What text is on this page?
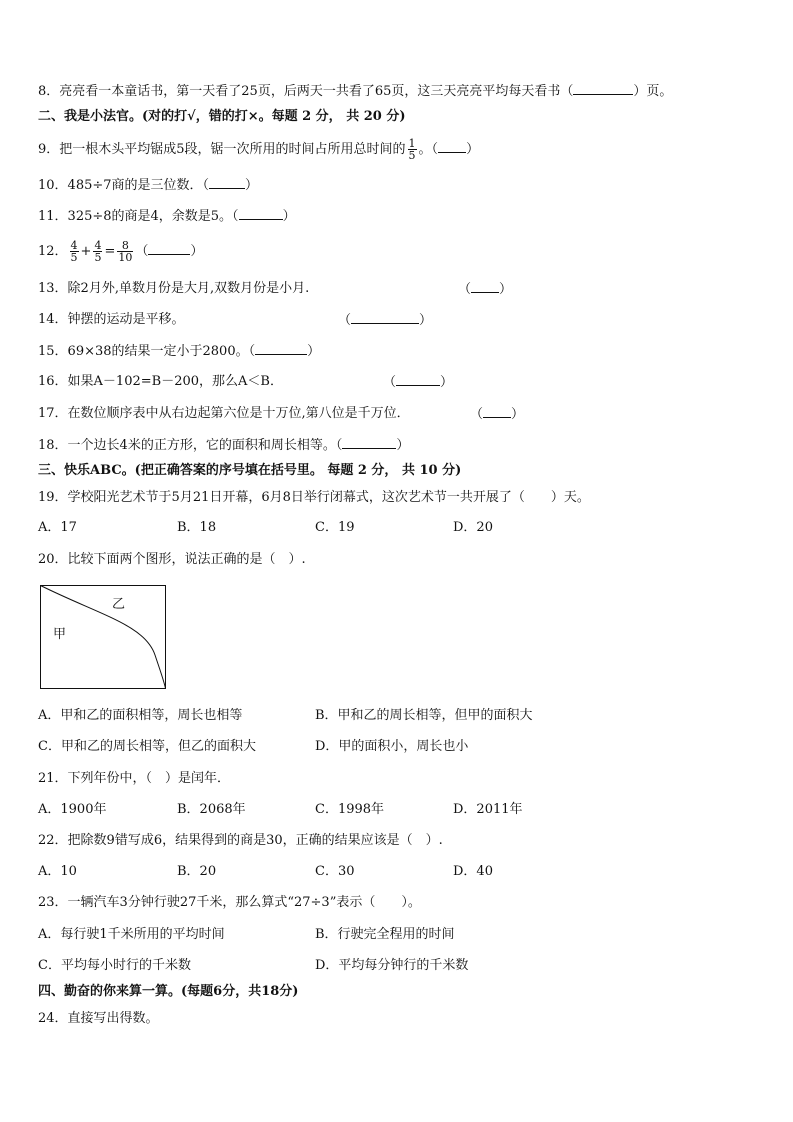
8．亮亮看一本童话书，第一天看了25页，后两天一共看了65页，这三天亮亮平均每天看书（	）页。
二、我是小法官。(对的打√，错的打×。每题 2 分， 共 20 分)
9．把一根木头平均锯成5段，锯一次所用的时间占所用总时间的 $\frac{1}{5}$ 。（ ）
10．485÷7商的是三位数．（	）
11．325÷8的商是4，余数是5。（	）
12． $\frac{4}{5} + \frac{4}{5} = \frac{8}{10}$ （	）
13．除2月外,单数月份是大月,双数月份是小月.	（ ）
14．钟摆的运动是平移。	（	）
15．69×38的结果一定小于2800。（	）
16．如果A－102=B－200，那么A＜B．	（	）
17．在数位顺序表中从右边起第六位是十万位,第八位是千万位．	（ ）
18．一个边长4米的正方形，它的面积和周长相等。（	）
三、快乐ABC。(把正确答案的序号填在括号里。 每题 2 分， 共 10 分)
19．学校阳光艺术节于5月21日开幕，6月8日举行闭幕式，这次艺术节一共开展了（　　）天。
A．17	B．18	C．19	D．20
20．比较下面两个图形，说法正确的是（　）.
甲
乙
A．甲和乙的面积相等，周长也相等	B．甲和乙的周长相等，但甲的面积大
C．甲和乙的周长相等，但乙的面积大	D．甲的面积小，周长也小
21．下列年份中，（　）是闰年．
A．1900年	B．2068年	C．1998年	D．2011年
22．把除数9错写成6，结果得到的商是30，正确的结果应该是（　）.
A．10	B．20	C．30	D．40
23．一辆汽车3分钟行驶27千米，那么算式“27÷3”表示（　　）。
A．每行驶1千米所用的平均时间	B．行驶完全程用的时间
C．平均每小时行的千米数	D．平均每分钟行的千米数
四、勤奋的你来算一算。(每题6分，共18分)
24．直接写出得数。
